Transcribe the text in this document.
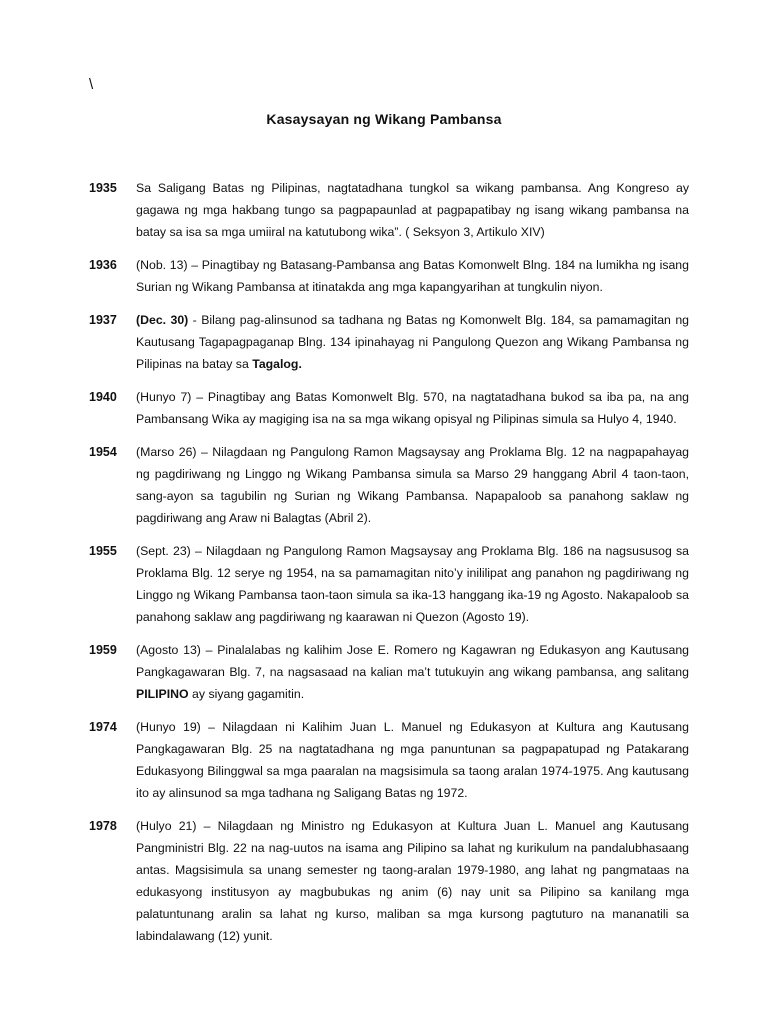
\
Kasaysayan ng Wikang Pambansa
1935	Sa Saligang Batas ng Pilipinas, nagtatadhana tungkol sa wikang pambansa. Ang Kongreso ay gagawa ng mga hakbang tungo sa pagpapaunlad at pagpapatibay ng isang wikang pambansa na batay sa isa sa mga umiiral na katutubong wika”. ( Seksyon 3, Artikulo XIV)
1936	(Nob. 13) – Pinagtibay ng Batasang-Pambansa ang Batas Komonwelt Blng. 184 na lumikha ng isang Surian ng Wikang Pambansa at itinatakda ang mga kapangyarihan at tungkulin niyon.
1937	(Dec. 30) - Bilang pag-alinsunod sa tadhana ng Batas ng Komonwelt Blg. 184, sa pamamagitan ng Kautusang Tagapagpaganap Blng. 134 ipinahayag ni Pangulong Quezon ang Wikang Pambansa ng Pilipinas na batay sa Tagalog.
1940	(Hunyo 7) – Pinagtibay ang Batas Komonwelt Blg. 570, na nagtatadhana bukod sa iba pa, na ang Pambansang Wika ay magiging isa na sa mga wikang opisyal ng Pilipinas simula sa Hulyo 4, 1940.
1954	(Marso 26) – Nilagdaan ng Pangulong Ramon Magsaysay ang Proklama Blg. 12 na nagpapahayag ng pagdiriwang ng Linggo ng Wikang Pambansa simula sa Marso 29 hanggang Abril 4 taon-taon, sang-ayon sa tagubilin ng Surian ng Wikang Pambansa. Napapaloob sa panahong saklaw ng pagdiriwang ang Araw ni Balagtas (Abril 2).
1955	(Sept. 23) – Nilagdaan ng Pangulong Ramon Magsaysay ang Proklama Blg. 186 na nagsususog sa Proklama Blg. 12 serye ng 1954, na sa pamamagitan nito’y inililipat ang panahon ng pagdiriwang ng Linggo ng Wikang Pambansa taon-taon simula sa ika-13 hanggang ika-19 ng Agosto. Nakapaloob sa panahong saklaw ang pagdiriwang ng kaarawan ni Quezon (Agosto 19).
1959	(Agosto 13) – Pinalalabas ng kalihim Jose E. Romero ng Kagawran ng Edukasyon ang Kautusang Pangkagawaran Blg. 7, na nagsasaad na kalian ma’t tutukuyin ang wikang pambansa, ang salitang PILIPINO ay siyang gagamitin.
1974	(Hunyo 19) – Nilagdaan ni Kalihim Juan L. Manuel ng Edukasyon at Kultura ang Kautusang Pangkagawaran Blg. 25 na nagtatadhana ng mga panuntunan sa pagpapatupad ng Patakarang Edukasyong Bilinggwal sa mga paaralan na magsisimula sa taong aralan 1974-1975. Ang kautusang ito ay alinsunod sa mga tadhana ng Saligang Batas ng 1972.
1978	(Hulyo 21) – Nilagdaan ng Ministro ng Edukasyon at Kultura Juan L. Manuel ang Kautusang Pangministri Blg. 22 na nag-uutos na isama ang Pilipino sa lahat ng kurikulum na pandalubhasaang antas. Magsisimula sa unang semester ng taong-aralan 1979-1980, ang lahat ng pangmataas na edukasyong institusyon ay magbubukas ng anim (6) nay unit sa Pilipino sa kanilang mga palatuntunang aralin sa lahat ng kurso, maliban sa mga kursong pagtuturo na mananatili sa labindalawang (12) yunit.
